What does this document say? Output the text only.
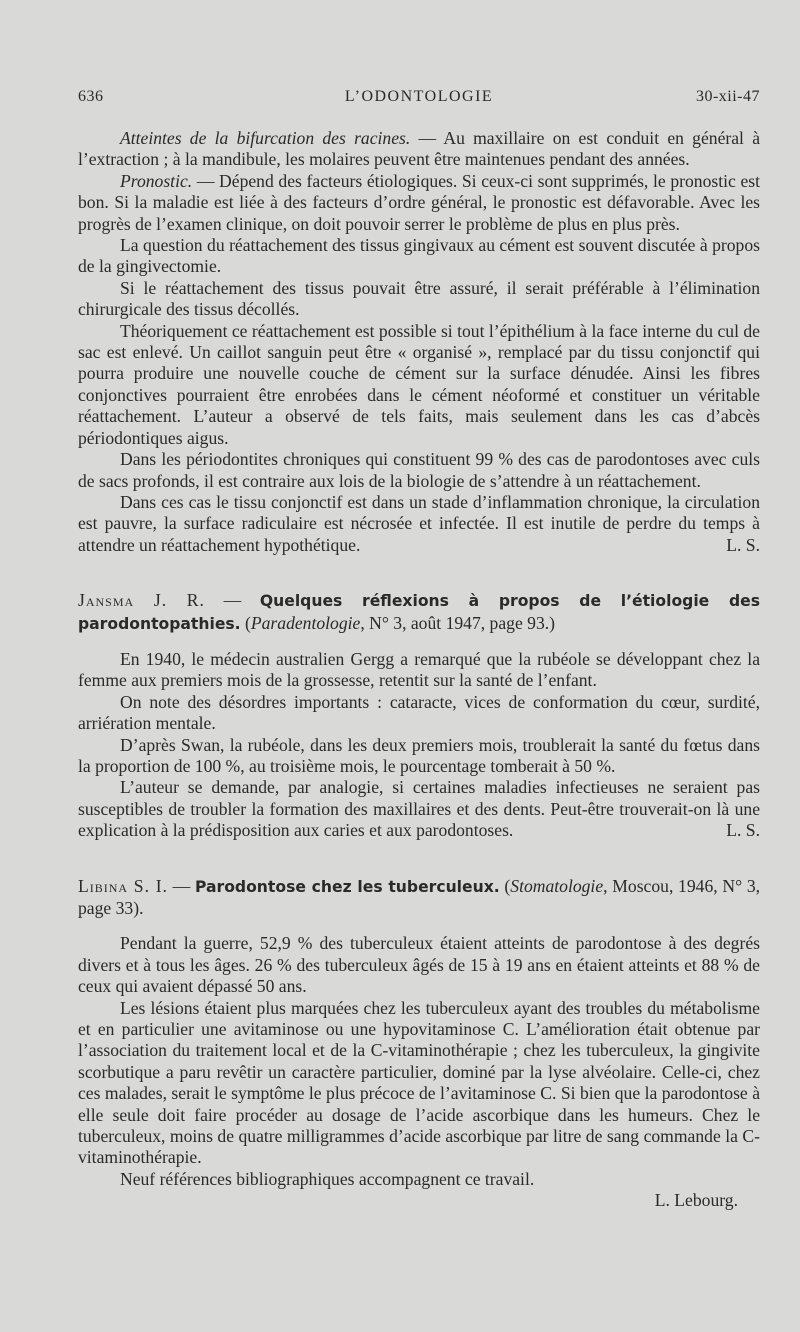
636	L’ODONTOLOGIE	30-xii-47

Atteintes de la bifurcation des racines. — Au maxillaire on est conduit en général à l’extraction ; à la mandibule, les molaires peuvent être maintenues pendant des années.

Pronostic. — Dépend des facteurs étiologiques. Si ceux-ci sont supprimés, le pronostic est bon. Si la maladie est liée à des facteurs d’ordre général, le pronostic est défavorable. Avec les progrès de l’examen clinique, on doit pouvoir serrer le problème de plus en plus près.

La question du réattachement des tissus gingivaux au cément est souvent discutée à propos de la gingivectomie.

Si le réattachement des tissus pouvait être assuré, il serait préférable à l’élimination chirurgicale des tissus décollés.

Théoriquement ce réattachement est possible si tout l’épithélium à la face interne du cul de sac est enlevé. Un caillot sanguin peut être « organisé », remplacé par du tissu conjonctif qui pourra produire une nouvelle couche de cément sur la surface dénudée. Ainsi les fibres conjonctives pourraient être enrobées dans le cément néoformé et constituer un véritable réattachement. L’auteur a observé de tels faits, mais seulement dans les cas d’abcès périodontiques aigus.

Dans les périodontites chroniques qui constituent 99 % des cas de parodontoses avec culs de sacs profonds, il est contraire aux lois de la biologie de s’attendre à un réattachement.

Dans ces cas le tissu conjonctif est dans un stade d’inflammation chronique, la circulation est pauvre, la surface radiculaire est nécrosée et infectée. Il est inutile de perdre du temps à attendre un réattachement hypothétique.	L. S.

Jansma J. R. — Quelques réflexions à propos de l’étiologie des parodontopathies. (Paradentologie, N° 3, août 1947, page 93.)

En 1940, le médecin australien Gergg a remarqué que la rubéole se développant chez la femme aux premiers mois de la grossesse, retentit sur la santé de l’enfant.

On note des désordres importants : cataracte, vices de conformation du cœur, surdité, arriération mentale.

D’après Swan, la rubéole, dans les deux premiers mois, troublerait la santé du fœtus dans la proportion de 100 %, au troisième mois, le pourcentage tomberait à 50 %.

L’auteur se demande, par analogie, si certaines maladies infectieuses ne seraient pas susceptibles de troubler la formation des maxillaires et des dents. Peut-être trouverait-on là une explication à la prédisposition aux caries et aux parodontoses.	L. S.

Libina S. I. — Parodontose chez les tuberculeux. (Stomatologie, Moscou, 1946, N° 3, page 33).

Pendant la guerre, 52,9 % des tuberculeux étaient atteints de parodontose à des degrés divers et à tous les âges. 26 % des tuberculeux âgés de 15 à 19 ans en étaient atteints et 88 % de ceux qui avaient dépassé 50 ans.

Les lésions étaient plus marquées chez les tuberculeux ayant des troubles du métabolisme et en particulier une avitaminose ou une hypovitaminose C. L’amélioration était obtenue par l’association du traitement local et de la C-vitaminothérapie ; chez les tuberculeux, la gingivite scorbutique a paru revêtir un caractère particulier, dominé par la lyse alvéolaire. Celle-ci, chez ces malades, serait le symptôme le plus précoce de l’avitaminose C. Si bien que la parodontose à elle seule doit faire procéder au dosage de l’acide ascorbique dans les humeurs. Chez le tuberculeux, moins de quatre milligrammes d’acide ascorbique par litre de sang commande la C-vitaminothérapie.

Neuf références bibliographiques accompagnent ce travail.

L. Lebourg.
